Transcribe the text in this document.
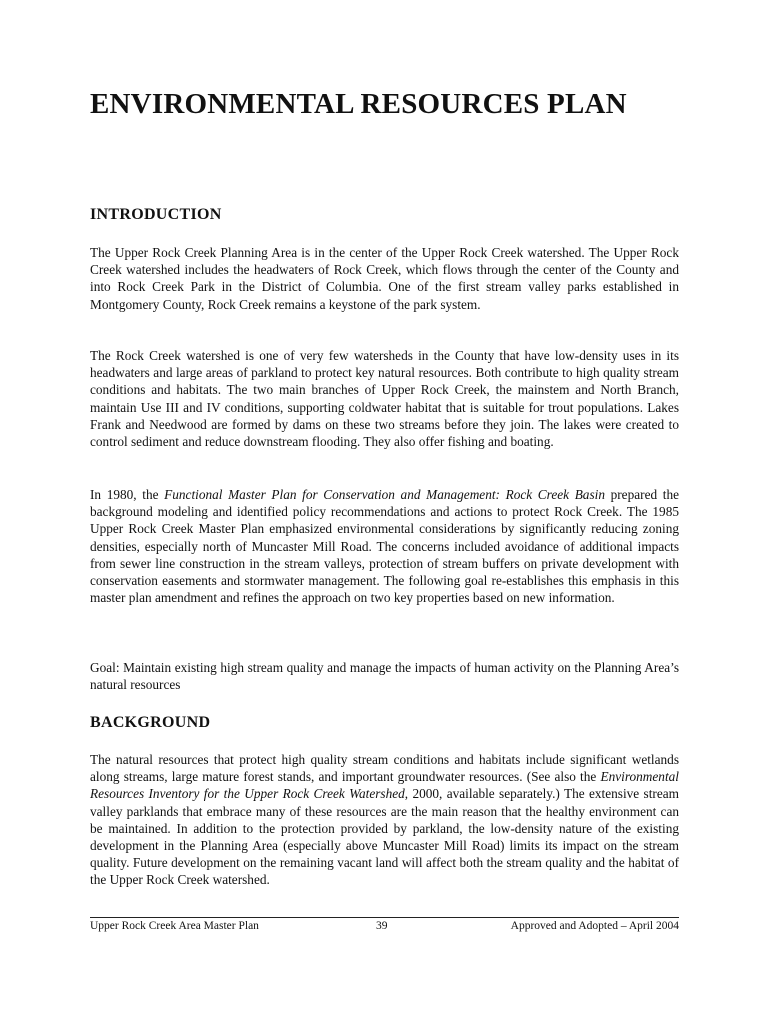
ENVIRONMENTAL RESOURCES PLAN
INTRODUCTION

The Upper Rock Creek Planning Area is in the center of the Upper Rock Creek watershed. The Upper Rock Creek watershed includes the headwaters of Rock Creek, which flows through the center of the County and into Rock Creek Park in the District of Columbia. One of the first stream valley parks established in Montgomery County, Rock Creek remains a keystone of the park system.

The Rock Creek watershed is one of very few watersheds in the County that have low-density uses in its headwaters and large areas of parkland to protect key natural resources. Both contribute to high quality stream conditions and habitats. The two main branches of Upper Rock Creek, the mainstem and North Branch, maintain Use III and IV conditions, supporting coldwater habitat that is suitable for trout populations. Lakes Frank and Needwood are formed by dams on these two streams before they join. The lakes were created to control sediment and reduce downstream flooding. They also offer fishing and boating.

In 1980, the Functional Master Plan for Conservation and Management: Rock Creek Basin prepared the background modeling and identified policy recommendations and actions to protect Rock Creek. The 1985 Upper Rock Creek Master Plan emphasized environmental considerations by significantly reducing zoning densities, especially north of Muncaster Mill Road. The concerns included avoidance of additional impacts from sewer line construction in the stream valleys, protection of stream buffers on private development with conservation easements and stormwater management. The following goal re-establishes this emphasis in this master plan amendment and refines the approach on two key properties based on new information.

Goal: Maintain existing high stream quality and manage the impacts of human activity on the Planning Area’s natural resources

BACKGROUND

The natural resources that protect high quality stream conditions and habitats include significant wetlands along streams, large mature forest stands, and important groundwater resources. (See also the Environmental Resources Inventory for the Upper Rock Creek Watershed, 2000, available separately.) The extensive stream valley parklands that embrace many of these resources are the main reason that the healthy environment can be maintained. In addition to the protection provided by parkland, the low-density nature of the existing development in the Planning Area (especially above Muncaster Mill Road) limits its impact on the stream quality. Future development on the remaining vacant land will affect both the stream quality and the habitat of the Upper Rock Creek watershed.

Upper Rock Creek Area Master Plan	39	Approved and Adopted – April 2004
